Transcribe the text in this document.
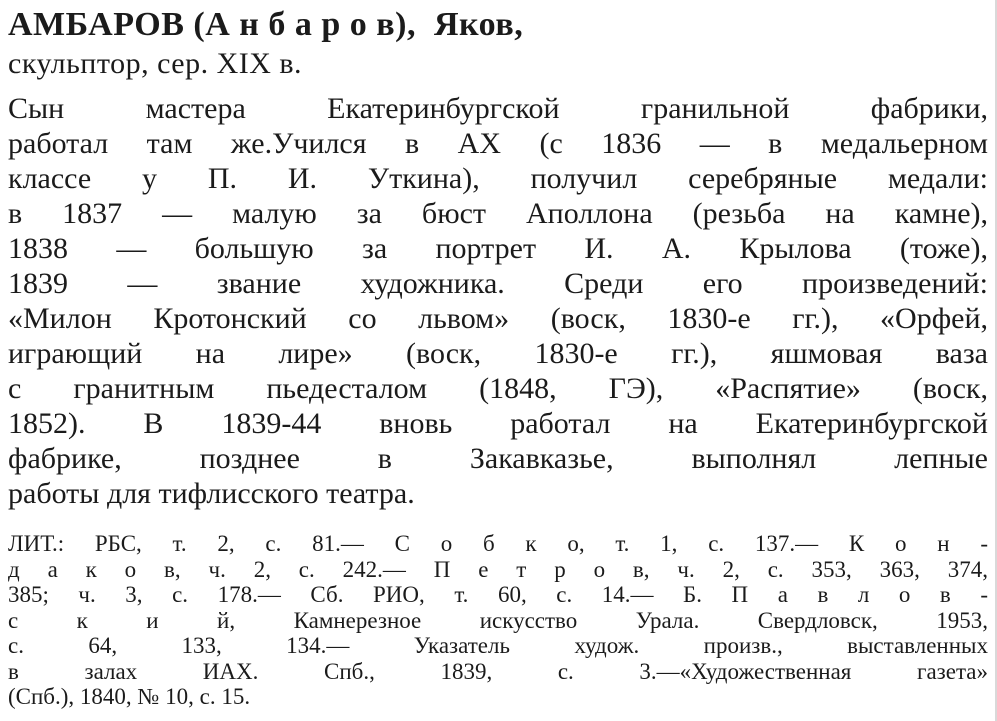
АМБАРОВ (А н б а р о в),  Яков,
скульптор, сер. XIX в.
Сын мастера Екатеринбургской гранильной фабрики,
работал там же.Учился в АХ (с 1836 — в медальерном
классе у П. И. Уткина), получил серебряные медали:
в 1837 — малую за бюст Аполлона (резьба на камне),
1838 — большую за портрет И. А. Крылова (тоже),
1839 — звание художника. Среди его произведений:
«Милон Кротонский со львом» (воск, 1830-е гг.), «Орфей,
играющий на лире» (воск, 1830-е гг.), яшмовая ваза
с гранитным пьедесталом (1848, ГЭ), «Распятие» (воск,
1852). В 1839-44 вновь работал на Екатеринбургской
фабрике, позднее в Закавказье, выполнял лепные
работы для тифлисского театра.
ЛИТ.: РБС, т. 2, с. 81.— С о б к о, т. 1, с. 137.— К о н -
д а к о в, ч. 2, с. 242.— П е т р о в, ч. 2, с. 353, 363, 374,
385; ч. 3, с. 178.— Сб. РИО, т. 60, с. 14.— Б. П а в л о в -
с к и й, Камнерезное искусство Урала. Свердловск, 1953,
с. 64, 133, 134.— Указатель худож. произв., выставленных
в залах ИАХ. Спб., 1839, с. 3.—«Художественная газета»
(Спб.), 1840, № 10, с. 15.
